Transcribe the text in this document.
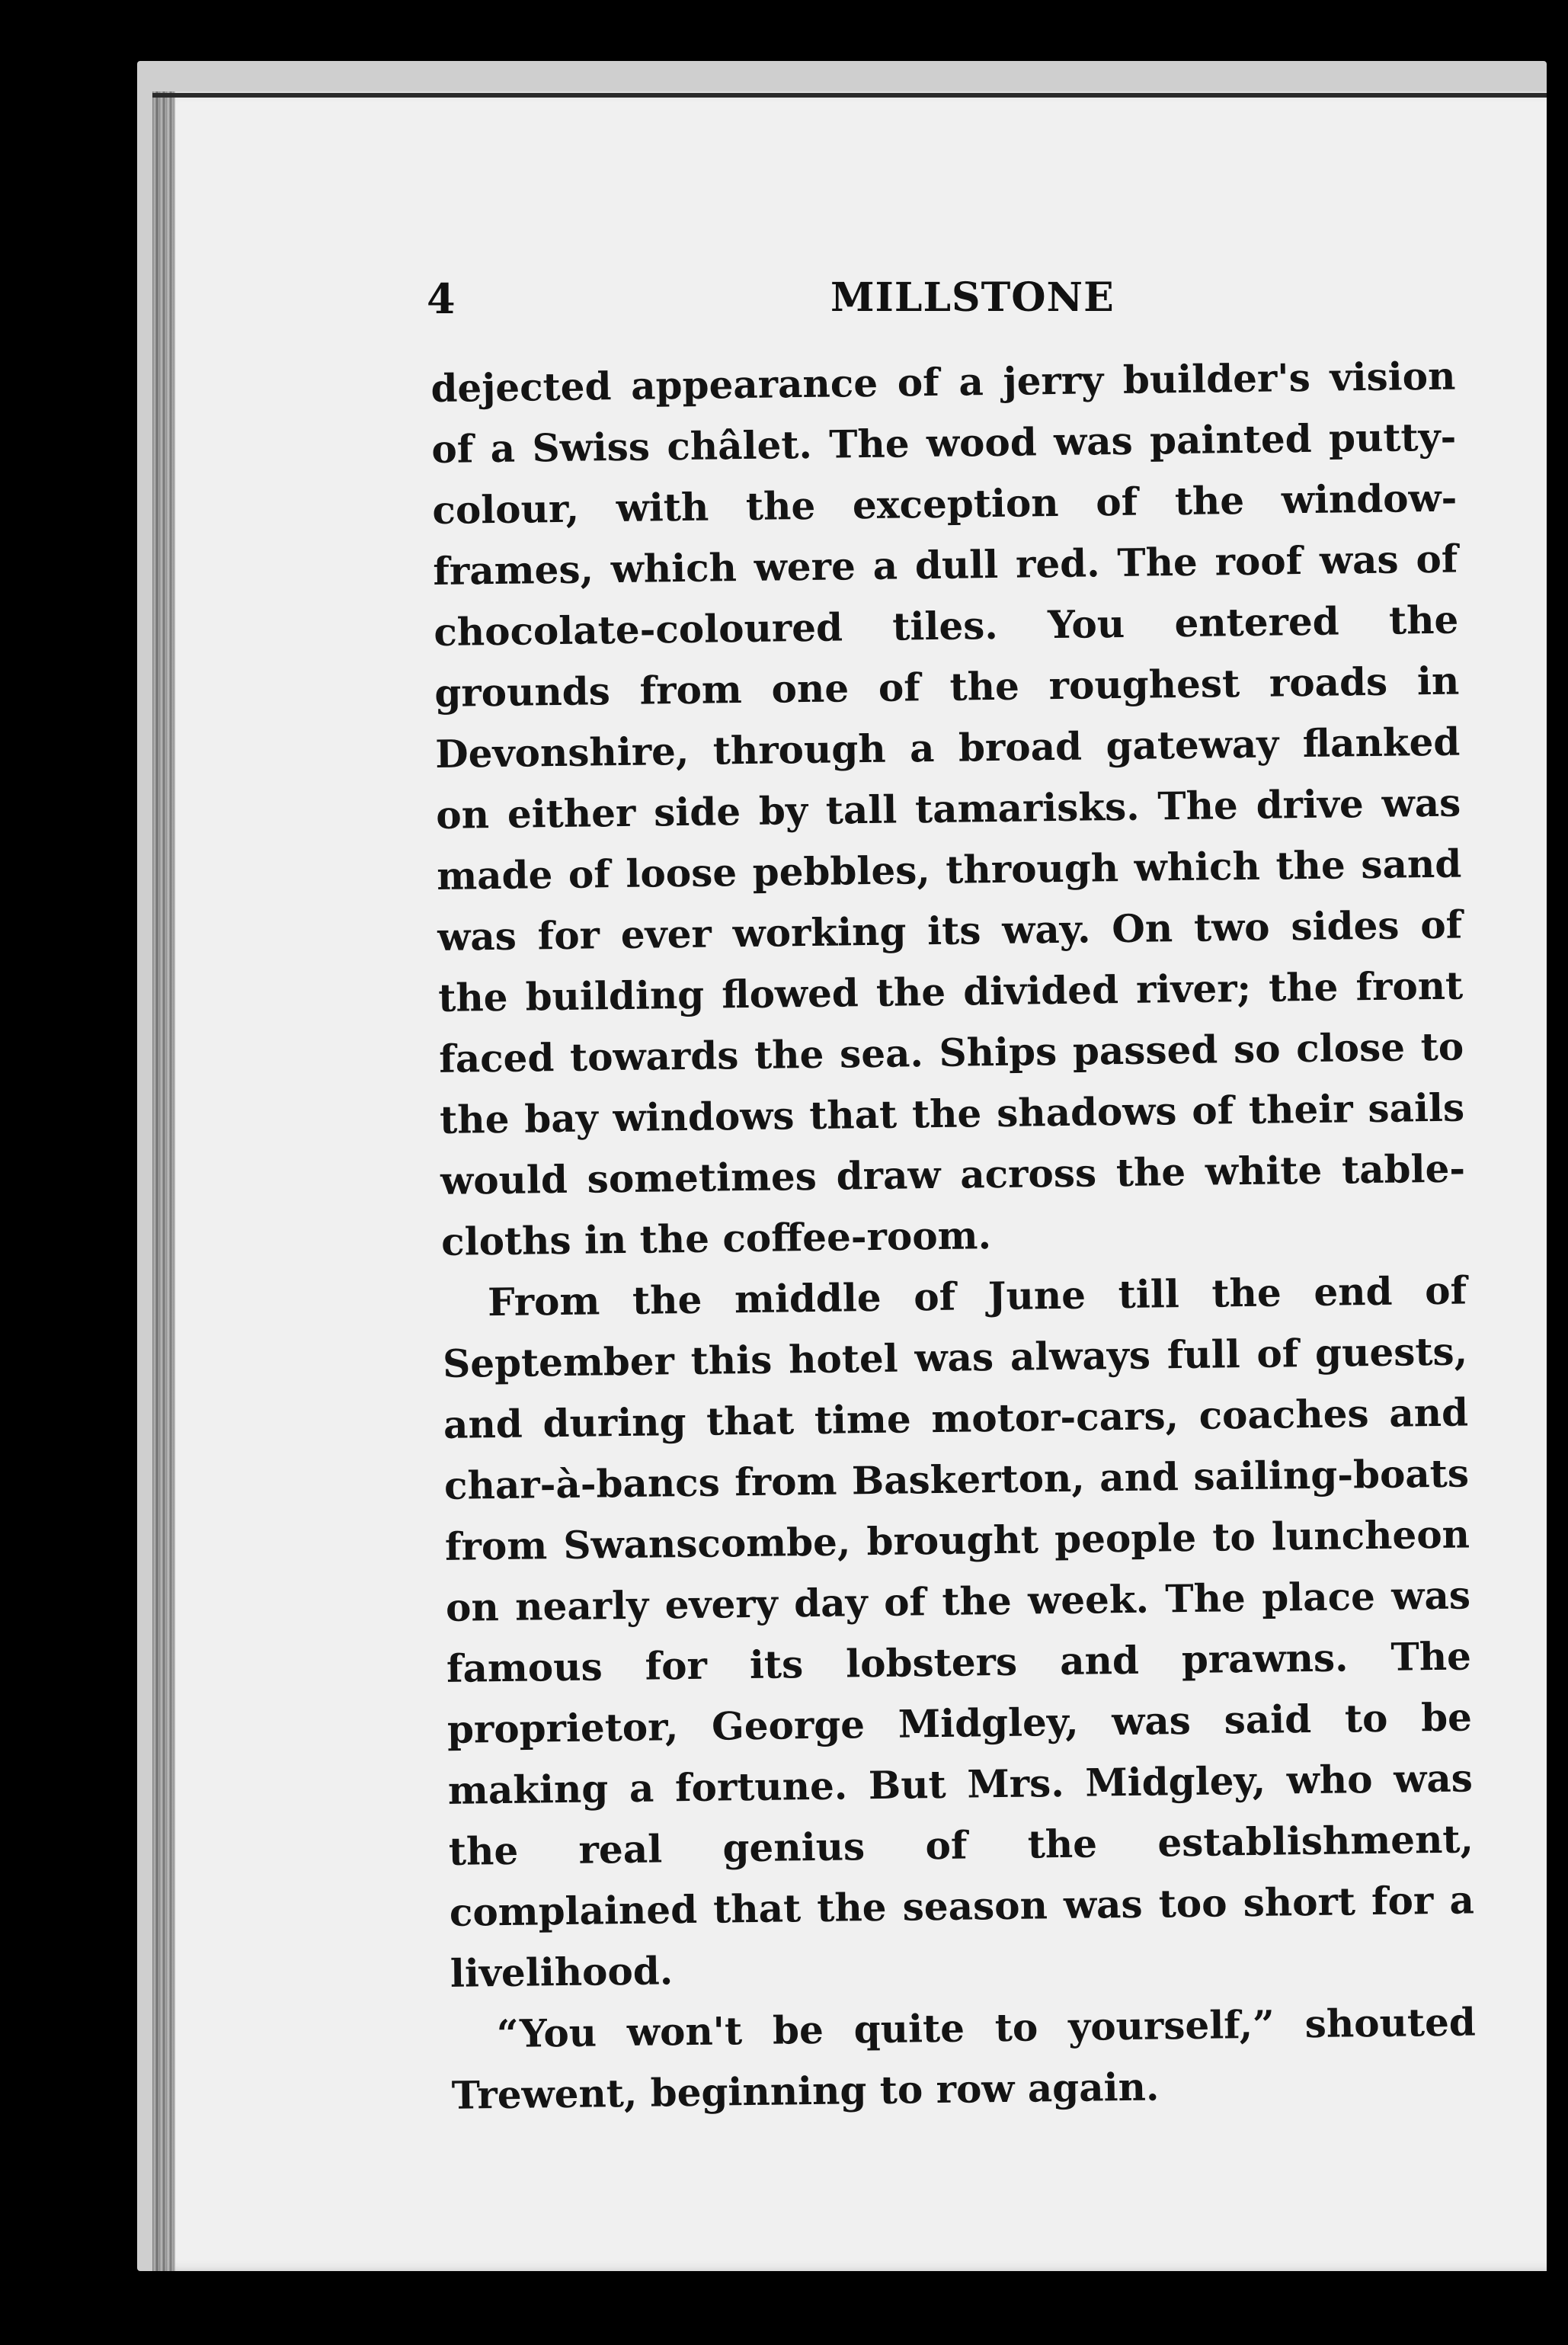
4	MILLSTONE

dejected appearance of a jerry builder's vision of a Swiss châlet. The wood was painted putty-colour, with the exception of the window-frames, which were a dull red. The roof was of chocolate-coloured tiles. You entered the grounds from one of the roughest roads in Devonshire, through a broad gateway flanked on either side by tall tamarisks. The drive was made of loose pebbles, through which the sand was for ever working its way. On two sides of the building flowed the divided river; the front faced towards the sea. Ships passed so close to the bay windows that the shadows of their sails would sometimes draw across the white table-cloths in the coffee-room.

From the middle of June till the end of September this hotel was always full of guests, and during that time motor-cars, coaches and char-à-bancs from Baskerton, and sailing-boats from Swanscombe, brought people to luncheon on nearly every day of the week. The place was famous for its lobsters and prawns. The proprietor, George Midgley, was said to be making a fortune. But Mrs. Midgley, who was the real genius of the establishment, complained that the season was too short for a livelihood.

“You won't be quite to yourself,” shouted Trewent, beginning to row again.
